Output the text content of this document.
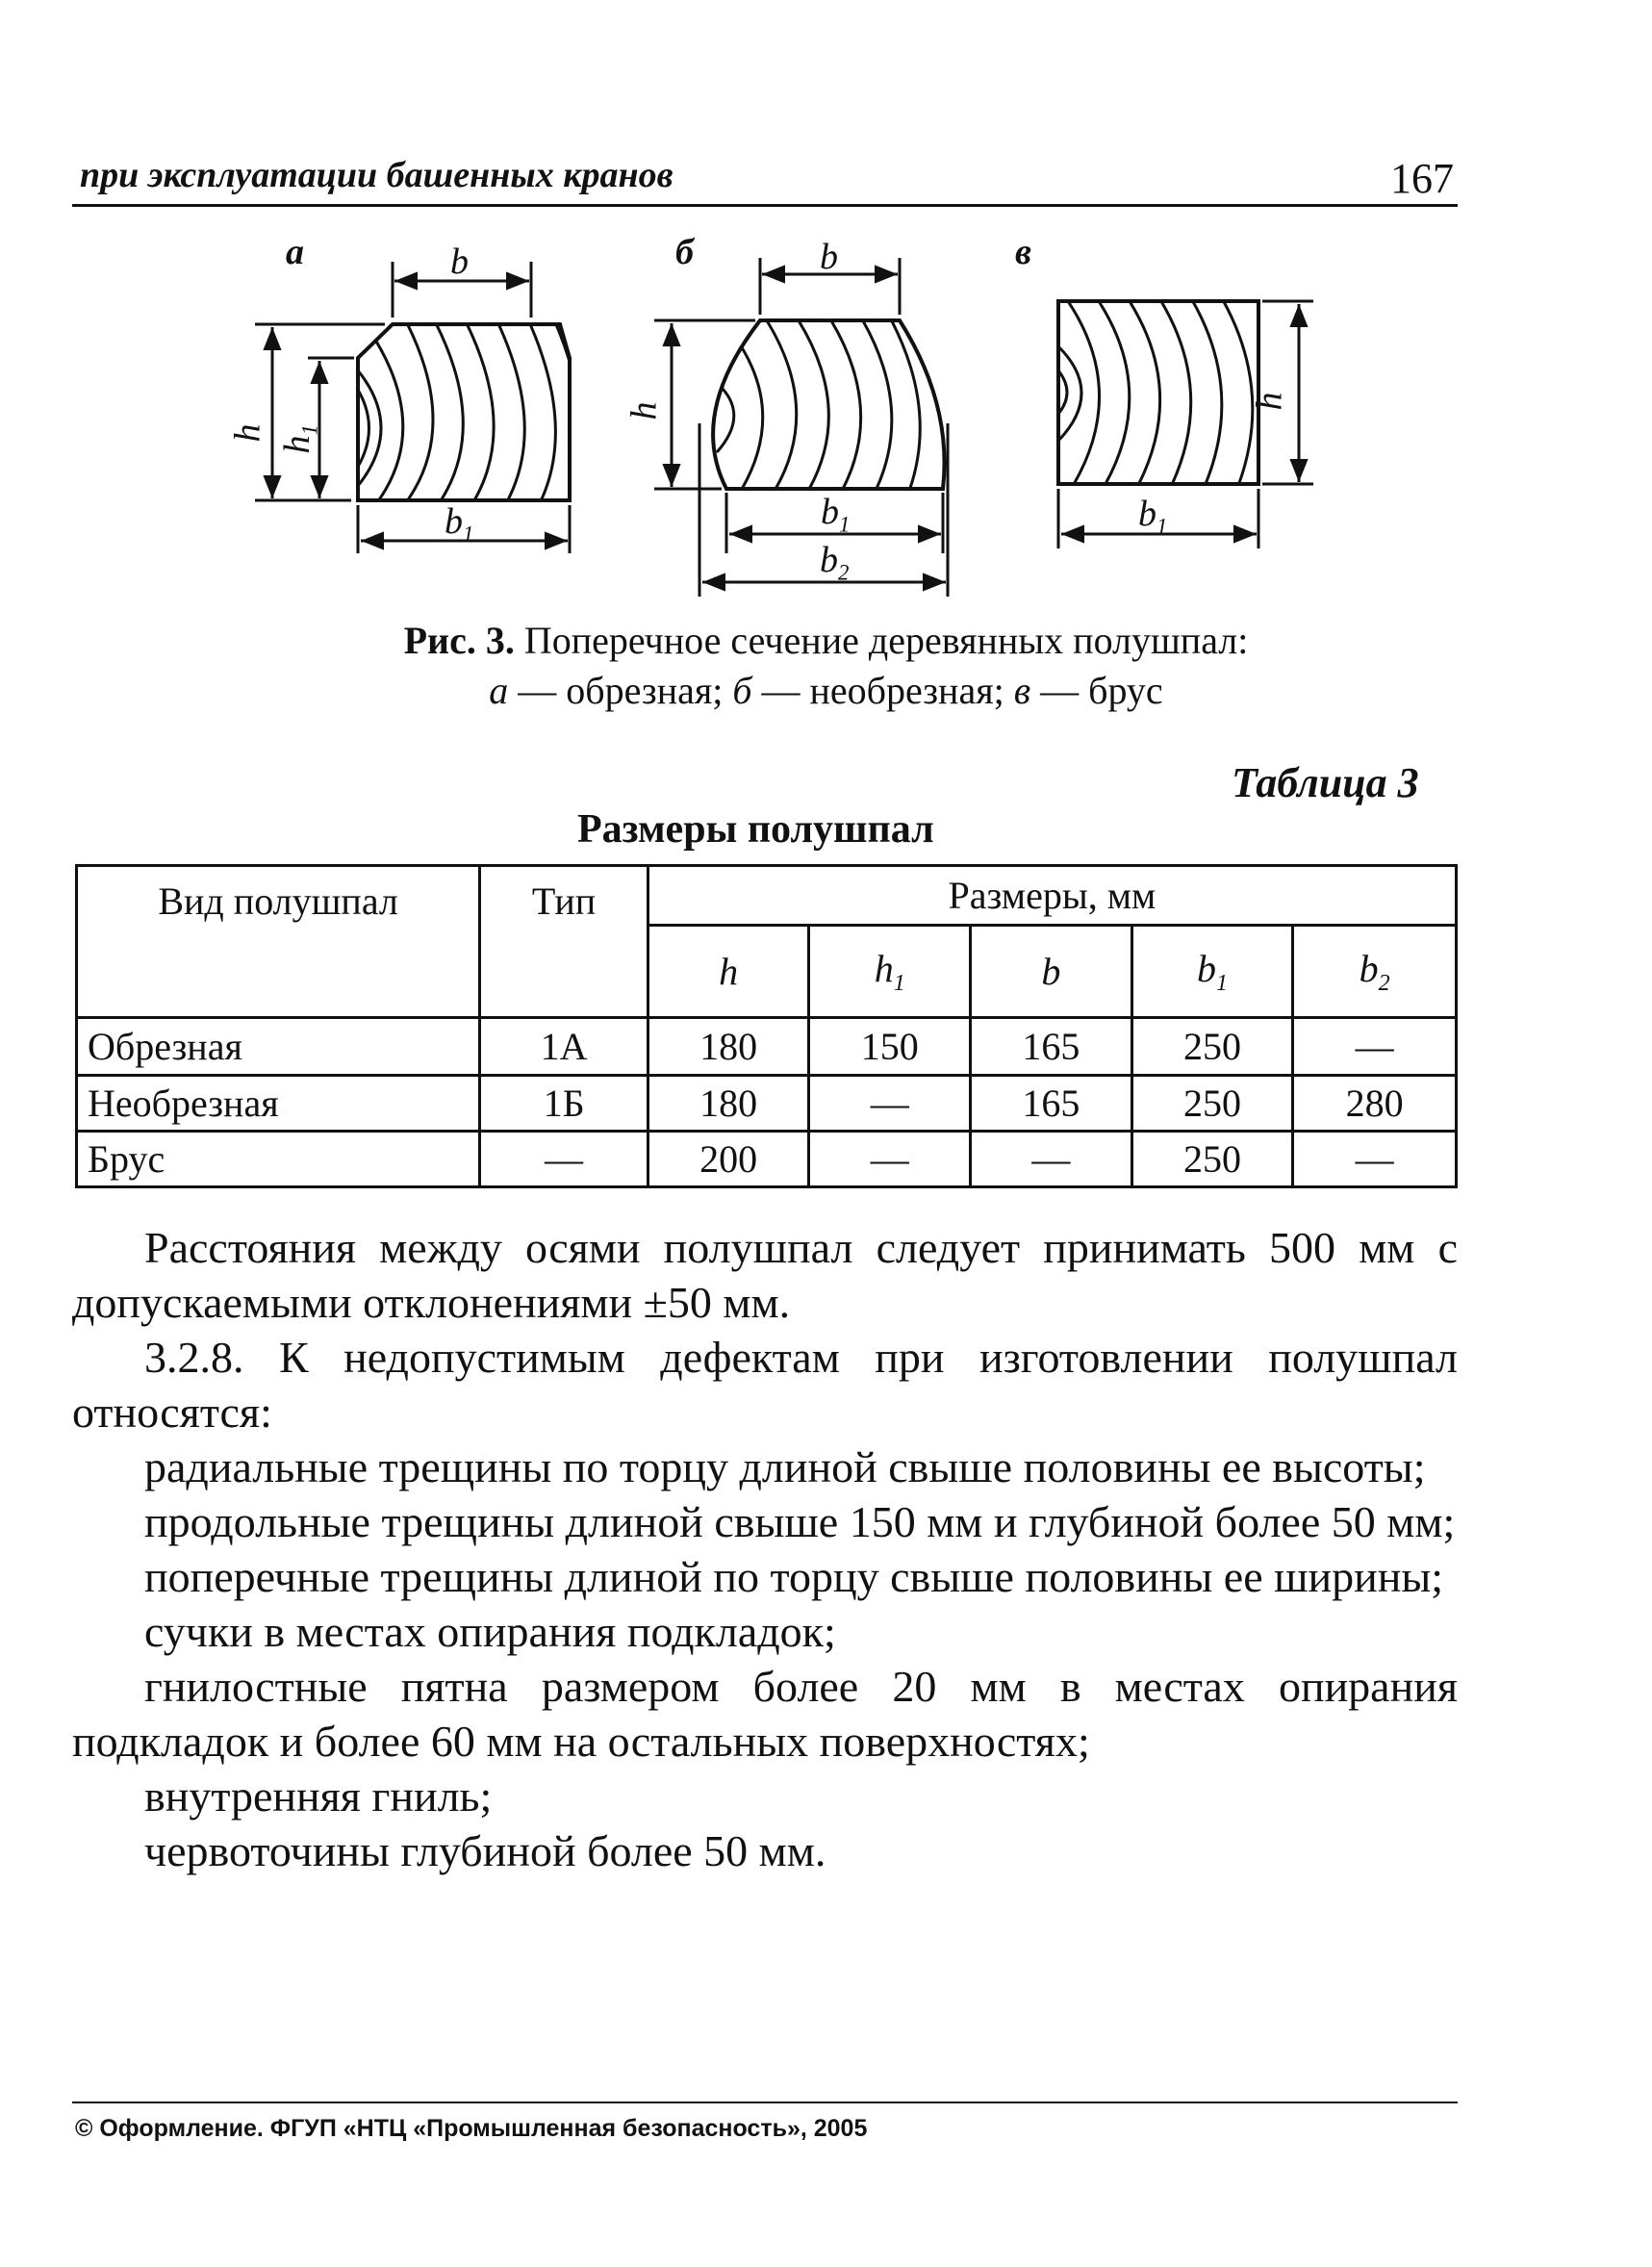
при эксплуатации башенных кранов	167
а	б	в
b
h
$h_1$
$b_1$
b
h
$b_1$
$b_2$
h
$b_1$
Рис. 3. Поперечное сечение деревянных полушпал:
а — обрезная; б — необрезная; в — брус
Таблица 3
Размеры полушпал
Вид полушпал	Тип	Размеры, мм				
		h	$h_1$	b	$b_1$	$b_2$
Обрезная	1А	180	150	165	250	—
Необрезная	1Б	180	—	165	250	280
Брус	—	200	—	—	250	—

Расстояния между осями полушпал следует принимать 500 мм с допускаемыми отклонениями ±50 мм.

3.2.8. К недопустимым дефектам при изготовлении полушпал относятся:

радиальные трещины по торцу длиной свыше половины ее высоты;

продольные трещины длиной свыше 150 мм и глубиной более 50 мм;

поперечные трещины длиной по торцу свыше половины ее ширины;

сучки в местах опирания подкладок;

гнилостные пятна размером более 20 мм в местах опирания подкладок и более 60 мм на остальных поверхностях;

внутренняя гниль;

червоточины глубиной более 50 мм.

© Оформление. ФГУП «НТЦ «Промышленная безопасность», 2005
